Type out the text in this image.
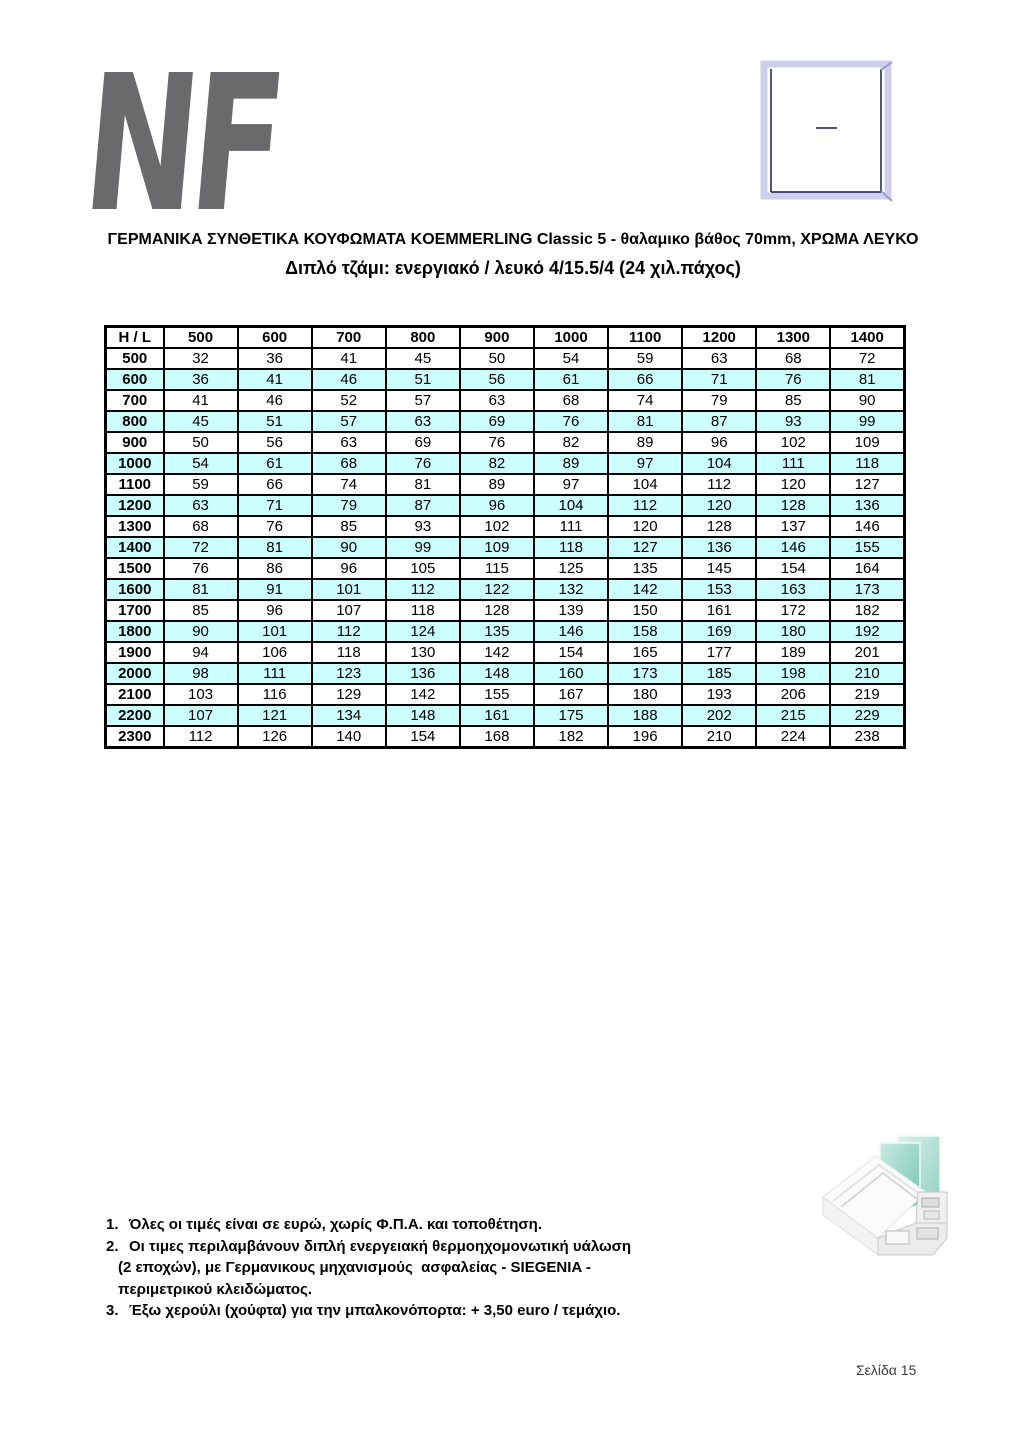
NF
ΓΕΡΜΑΝΙΚΑ ΣΥΝΘΕΤΙΚΑ ΚΟΥΦΩΜΑΤΑ KOEMMERLING Classic 5 - θαλαμικο βάθος 70mm, ΧΡΩΜΑ ΛΕΥΚΟ
Διπλό τζάμι: ενεργιακό / λευκό 4/15.5/4 (24 χιλ.πάχος)
H / L	500	600	700	800	900	1000	1100	1200	1300	1400
500	32	36	41	45	50	54	59	63	68	72
600	36	41	46	51	56	61	66	71	76	81
700	41	46	52	57	63	68	74	79	85	90
800	45	51	57	63	69	76	81	87	93	99
900	50	56	63	69	76	82	89	96	102	109
1000	54	61	68	76	82	89	97	104	111	118
1100	59	66	74	81	89	97	104	112	120	127
1200	63	71	79	87	96	104	112	120	128	136
1300	68	76	85	93	102	111	120	128	137	146
1400	72	81	90	99	109	118	127	136	146	155
1500	76	86	96	105	115	125	135	145	154	164
1600	81	91	101	112	122	132	142	153	163	173
1700	85	96	107	118	128	139	150	161	172	182
1800	90	101	112	124	135	146	158	169	180	192
1900	94	106	118	130	142	154	165	177	189	201
2000	98	111	123	136	148	160	173	185	198	210
2100	103	116	129	142	155	167	180	193	206	219
2200	107	121	134	148	161	175	188	202	215	229
2300	112	126	140	154	168	182	196	210	224	238
1. Όλες οι τιμές είναι σε ευρώ, χωρίς Φ.Π.Α. και τοποθέτηση.
2. Οι τιμες περιλαμβάνουν διπλή ενεργειακή θερμοηχομονωτική υάλωση
(2 εποχών), με Γερμανικους μηχανισμούς  ασφαλείας - SIEGENIA -
περιμετρικού κλειδώματος.
3. Έξω χερούλι (χούφτα) για την μπαλκονόπορτα: + 3,50 euro / τεμάχιο.
Σελίδα 15
